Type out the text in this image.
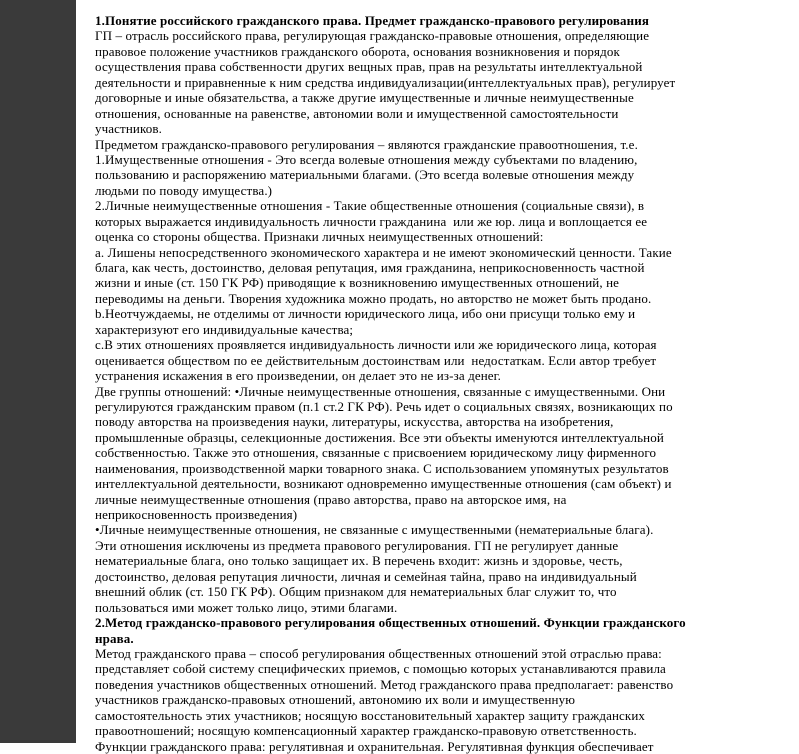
1.Понятие российского гражданского права. Предмет гражданско-правового регулирования
ГП – отрасль российского права, регулирующая гражданско-правовые отношения, определяющие
правовое положение участников гражданского оборота, основания возникновения и порядок
осуществления права собственности других вещных прав, прав на результаты интеллектуальной
деятельности и приравненные к ним средства индивидуализации(интеллектуальных прав), регулирует
договорные и иные обязательства, а также другие имущественные и личные неимущественные
отношения, основанные на равенстве, автономии воли и имущественной самостоятельности
участников.
Предметом гражданско-правового регулирования – являются гражданские правоотношения, т.е.
1.Имущественные отношения - Это всегда волевые отношения между субъектами по владению,
пользованию и распоряжению материальными благами. (Это всегда волевые отношения между
людьми по поводу имущества.)
2.Личные неимущественные отношения - Такие общественные отношения (социальные связи), в
которых выражается индивидуальность личности гражданина  или же юр. лица и воплощается ее
оценка со стороны общества. Признаки личных неимущественных отношений:
а. Лишены непосредственного экономического характера и не имеют экономический ценности. Такие
блага, как честь, достоинство, деловая репутация, имя гражданина, неприкосновенность частной
жизни и иные (ст. 150 ГК РФ) приводящие к возникновению имущественных отношений, не
переводимы на деньги. Творения художника можно продать, но авторство не может быть продано.
b.Неотчуждаемы, не отделимы от личности юридического лица, ибо они присущи только ему и
характеризуют его индивидуальные качества;
c.В этих отношениях проявляется индивидуальность личности или же юридического лица, которая
оценивается обществом по ее действительным достоинствам или  недостаткам. Если автор требует
устранения искажения в его произведении, он делает это не из-за денег.
Две группы отношений: •Личные неимущественные отношения, связанные с имущественными. Они
регулируются гражданским правом (п.1 ст.2 ГК РФ). Речь идет о социальных связях, возникающих по
поводу авторства на произведения науки, литературы, искусства, авторства на изобретения,
промышленные образцы, селекционные достижения. Все эти объекты именуются интеллектуальной
собственностью. Также это отношения, связанные с присвоением юридическому лицу фирменного
наименования, производственной марки товарного знака. С использованием упомянутых результатов
интеллектуальной деятельности, возникают одновременно имущественные отношения (сам объект) и
личные неимущественные отношения (право авторства, право на авторское имя, на
неприкосновенность произведения)
•Личные неимущественные отношения, не связанные с имущественными (нематериальные блага).
Эти отношения исключены из предмета правового регулирования. ГП не регулирует данные
нематериальные блага, оно только защищает их. В перечень входит: жизнь и здоровье, честь,
достоинство, деловая репутация личности, личная и семейная тайна, право на индивидуальный
внешний облик (ст. 150 ГК РФ). Общим признаком для нематериальных благ служит то, что
пользоваться ими может только лицо, этими благами.
2.Метод гражданско-правового регулирования общественных отношений. Функции гражданского
нрава.
Метод гражданского права – способ регулирования общественных отношений этой отраслью права:
представляет собой систему специфических приемов, с помощью которых устанавливаются правила
поведения участников общественных отношений. Метод гражданского права предполагает: равенство
участников гражданско-правовых отношений, автономию их воли и имущественную
самостоятельность этих участников; носящую восстановительный характер защиту гражданских
правоотношений; носящую компенсационный характер гражданско-правовую ответственность.
Функции гражданского права: регулятивная и охранительная. Регулятивная функция обеспечивает
